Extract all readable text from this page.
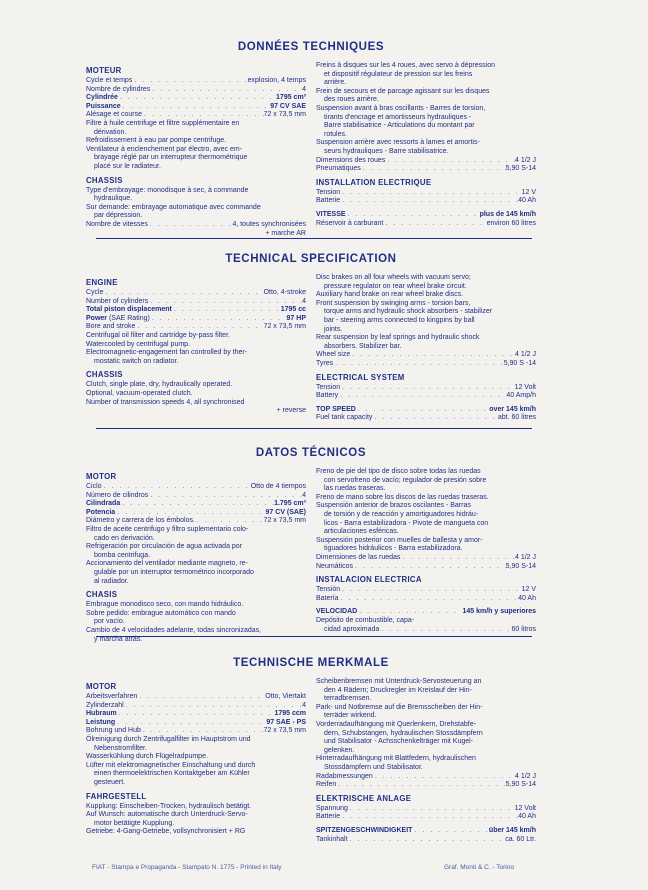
DONNÉES TECHNIQUES
MOTEUR
Cycle et temps . . .	explosion, 4 temps
Nombre de cylindres . . .	4
Cylindrée . . .	1795 cm³
Puissance . . .	97 CV SAE
Alésage et course . . .	72 x 73,5 mm
Filtre à huile centrifuge et filtre supplémentaire en
dérivation.
Refroidissement à eau par pompe centrifuge.
Ventilateur à enclenchement par électro, avec em-
brayage réglé par un interrupteur thermométrique
placé sur le radiateur.
CHASSIS
Type d'embrayage: monodisque à sec, à commande
hydraulique.
Sur demande: embrayage automatique avec commande
par dépression.
Nombre de vitesses . . .	4, toutes synchronisées
+ marche AR
Freins à disques sur les 4 roues, avec servo à dépression
et dispositif régulateur de pression sur les freins
arrière.
Frein de secours et de parcage agissant sur les disques
des roues arrière.
Suspension avant à bras oscillants - Barres de torsion,
tirants d'encrage et amortisseurs hydrauliques -
Barre stabilisatrice - Articulations du montant par
rotules.
Suspension arrière avec ressorts à lames et amortis-
seurs hydrauliques - Barre stabilisatrice.
Dimensions des roues . . .	4 1/2 J
Pneumatiques . . .	5,90 S-14
INSTALLATION ELECTRIQUE
Tension . . .	12 V
Batterie . . .	40 Ah
VITESSE . . .	plus de 145 km/h
Réservoir à carburant . . .	environ 60 litres
TECHNICAL SPECIFICATION
ENGINE
Cycle . . .	Otto, 4-stroke
Number of cylinders . . .	4
Total piston displacement . . .	1795 cc
Power (SAE Rating) . . .	97 HP
Bore and stroke . . .	72 x 73,5 mm
Centrifugal oil filter and cartridge by-pass filter.
Watercooled by centrifugal pump.
Electromagnetic-engagement fan controlled by ther-
mostatic switch on radiator.
CHASSIS
Clutch, single plate, dry, hydraulically operated.
Optional, vacuum-operated clutch.
Number of transmission speeds 4, all synchronised
+ reverse
Disc brakes on all four wheels with vacuum servo;
pressure regulator on rear wheel brake circuit.
Auxiliary hand brake on rear wheel brake discs.
Front suspension by swinging arms - torsion bars,
torque arms and hydraulic shock absorbers - stabilizer
bar - steering arms connected to kingpins by ball
joints.
Rear suspension by leaf springs and hydraulic shock
absorbers. Stabilizer bar.
Wheel size . . .	4 1/2 J
Tyres . . .	5,90 S -14
ELECTRICAL SYSTEM
Tension . . .	12 Volt
Battery . . .	40 Amp/h
TOP SPEED . . .	over 145 km/h
Fuel tank capacity . . .	abt. 60 litres
DATOS TÉCNICOS
MOTOR
Ciclo . . .	Otto de 4 tiempos
Número de cilindros . . .	4
Cilindrada . . .	1.795 cm³
Potencia . . .	97 CV (SAE)
Diámetro y carrera de los émbolos. . . .	72 x 73,5 mm
Filtro de aceite centrifugo y filtro suplementario colo-
cado en derivación.
Refrigeración por circulación de agua activada por
bomba centrifuga.
Accionamiento del ventilador mediante magneto, re-
gulable por un interruptor termométrico incorporado
al radiador.
CHASIS
Embrague monodisco seco, con mando hidráulico.
Sobre pedido: embrague automático con mando
por vacío.
Cambio de 4 velocidades adelante, todas sincronizadas,
y marcha atrás.
Freno de pie del tipo de disco sobre todas las ruedas
con servofreno de vacío; regulador de presión sobre
las ruedas traseras.
Freno de mano sobre los discos de las ruedas traseras.
Suspensión anterior de brazos oscilantes - Barras
de torsión y de reacción y amortiguadores hidráu-
licos - Barra estabilizadora - Pivote de mangueta con
articulaciones esféricas.
Suspensión posterior con muelles de ballesta y amor-
tiguadores hidráulicos - Barra estabilizadora.
Dimensiones de las ruedas . . .	4 1/2 J
Neumáticos . . .	5,90 S-14
INSTALACION ELECTRICA
Tensión . . .	12 V
Batería . . .	40 Ah
VELOCIDAD . . .	145 km/h y superiores
Depósito de combustible, capa-
cidad aproximada . . .	60 litros
TECHNISCHE MERKMALE
MOTOR
Arbeitsverfahren . . .	Otto, Viertakt
Zylinderzahl . . .	4
Hubraum . . .	1795 ccm
Leistung . . .	97 SAE - PS
Bohrung und Hub . . .	72 x 73,5 mm
Ölreinigung durch Zentrifugalfilter im Hauptstrom und
Nebenstromfilter.
Wasserkühlung durch Flügelradpumpe.
Lüfter mit elektromagnetischer Einschaltung und durch
einen thermoelektrischen Kontaktgeber am Kühler
gesteuert.
FAHRGESTELL
Kupplung: Einscheiben-Trocken, hydraulisch betätigt.
Auf Wunsch: automatische durch Unterdruck-Servo-
motor betätigte Kupplung.
Getriebe: 4-Gang-Getriebe, vollsynchronisiert + RG
Scheibenbremsen mit Unterdruck-Servosteuerung an
den 4 Rädern; Druckregler im Kreislauf der Hin-
terradbremsen.
Park- und Notbremse auf die Bremsscheiben der Hin-
terräder wirkend.
Vorderradaufhängung mit Querlenkern, Drehstabfe-
dern, Schubstangen, hydraulischen Stossdämpfern
und Stabilisator - Achsschenkelträger mit Kugel-
gelenken.
Hinterradaufhängung mit Blattfedern, hydraulischen
Stossdämpfern und Stabilisator.
Radabmessungen . . .	4 1/2 J
Reifen . . .	5,90 S-14
ELEKTRISCHE ANLAGE
Spannung . . .	12 Volt
Batterie . . .	40 Ah
SPITZENGESCHWINDIGKEIT . . .	über 145 km/h
Tankinhalt . . .	ca. 60 Ltr.
FIAT - Stampa e Propaganda - Stampato N. 1775 - Printed in Italy	Graf. Monti & C. - Torino
